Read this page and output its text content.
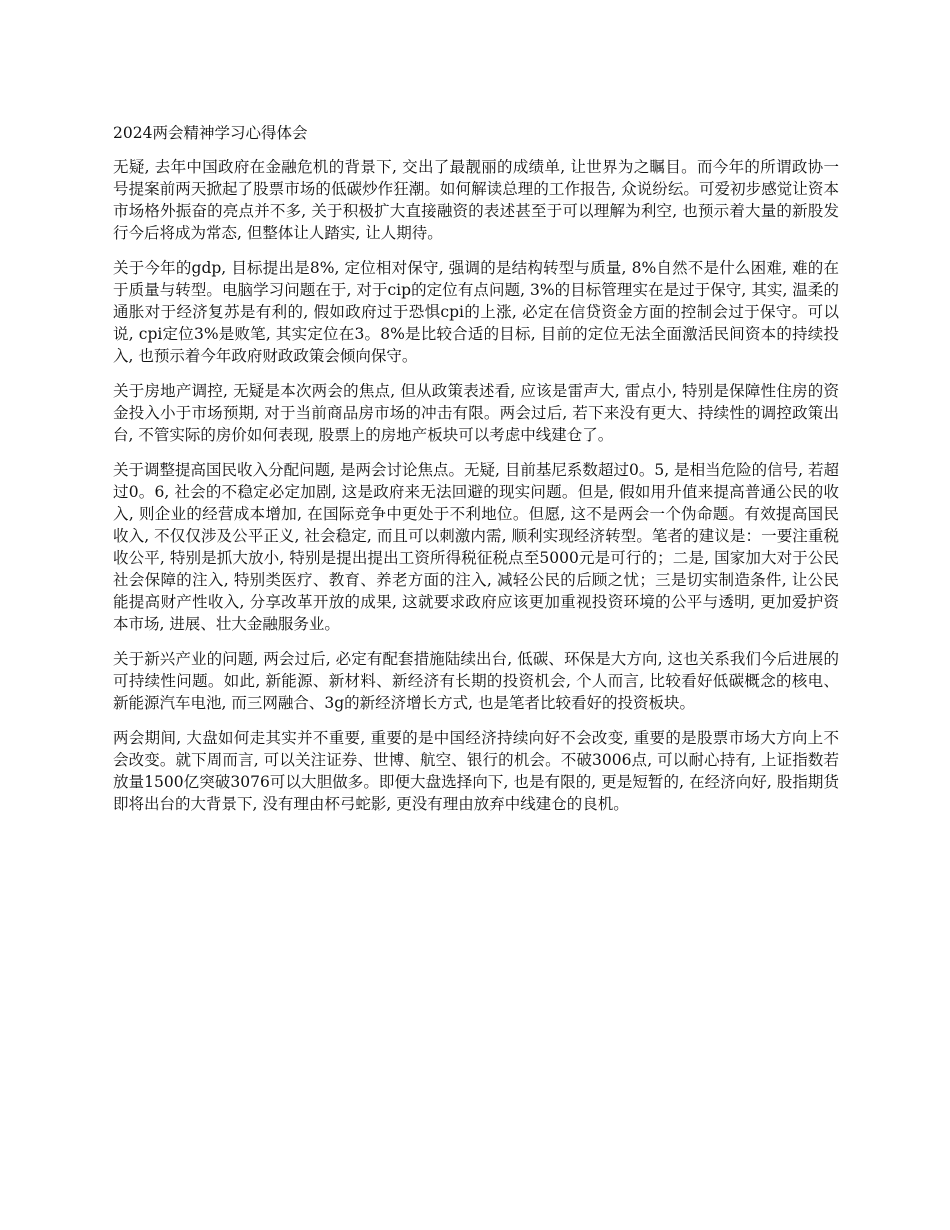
2024两会精神学习心得体会

无疑, 去年中国政府在金融危机的背景下, 交出了最靓丽的成绩单, 让世界为之瞩目。而今年的所谓政协一号提案前两天掀起了股票市场的低碳炒作狂潮。如何解读总理的工作报告, 众说纷纭。可爱初步感觉让资本市场格外振奋的亮点并不多, 关于积极扩大直接融资的表述甚至于可以理解为利空, 也预示着大量的新股发行今后将成为常态, 但整体让人踏实, 让人期待。

关于今年的gdp, 目标提出是8%, 定位相对保守, 强调的是结构转型与质量, 8%自然不是什么困难, 难的在于质量与转型。电脑学习问题在于, 对于cip的定位有点问题, 3%的目标管理实在是过于保守, 其实, 温柔的通胀对于经济复苏是有利的, 假如政府过于恐惧cpi的上涨, 必定在信贷资金方面的控制会过于保守。可以说, cpi定位3%是败笔, 其实定位在3。8%是比较合适的目标, 目前的定位无法全面激活民间资本的持续投入, 也预示着今年政府财政政策会倾向保守。

关于房地产调控, 无疑是本次两会的焦点, 但从政策表述看, 应该是雷声大, 雷点小, 特别是保障性住房的资金投入小于市场预期, 对于当前商品房市场的冲击有限。两会过后, 若下来没有更大、持续性的调控政策出台, 不管实际的房价如何表现, 股票上的房地产板块可以考虑中线建仓了。

关于调整提高国民收入分配问题, 是两会讨论焦点。无疑, 目前基尼系数超过0。5, 是相当危险的信号, 若超过0。6, 社会的不稳定必定加剧, 这是政府来无法回避的现实问题。但是, 假如用升值来提高普通公民的收入, 则企业的经营成本增加, 在国际竞争中更处于不利地位。但愿, 这不是两会一个伪命题。有效提高国民收入, 不仅仅涉及公平正义, 社会稳定, 而且可以刺激内需, 顺利实现经济转型。笔者的建议是：一要注重税收公平, 特别是抓大放小, 特别是提出提出工资所得税征税点至5000元是可行的；二是, 国家加大对于公民社会保障的注入, 特别类医疗、教育、养老方面的注入, 减轻公民的后顾之忧；三是切实制造条件, 让公民能提高财产性收入, 分享改革开放的成果, 这就要求政府应该更加重视投资环境的公平与透明, 更加爱护资本市场, 进展、壮大金融服务业。

关于新兴产业的问题, 两会过后, 必定有配套措施陆续出台, 低碳、环保是大方向, 这也关系我们今后进展的可持续性问题。如此, 新能源、新材料、新经济有长期的投资机会, 个人而言, 比较看好低碳概念的核电、新能源汽车电池, 而三网融合、3g的新经济增长方式, 也是笔者比较看好的投资板块。

两会期间, 大盘如何走其实并不重要, 重要的是中国经济持续向好不会改变, 重要的是股票市场大方向上不会改变。就下周而言, 可以关注证券、世博、航空、银行的机会。不破3006点, 可以耐心持有, 上证指数若放量1500亿突破3076可以大胆做多。即便大盘选择向下, 也是有限的, 更是短暂的, 在经济向好, 股指期货即将出台的大背景下, 没有理由杯弓蛇影, 更没有理由放弃中线建仓的良机。
